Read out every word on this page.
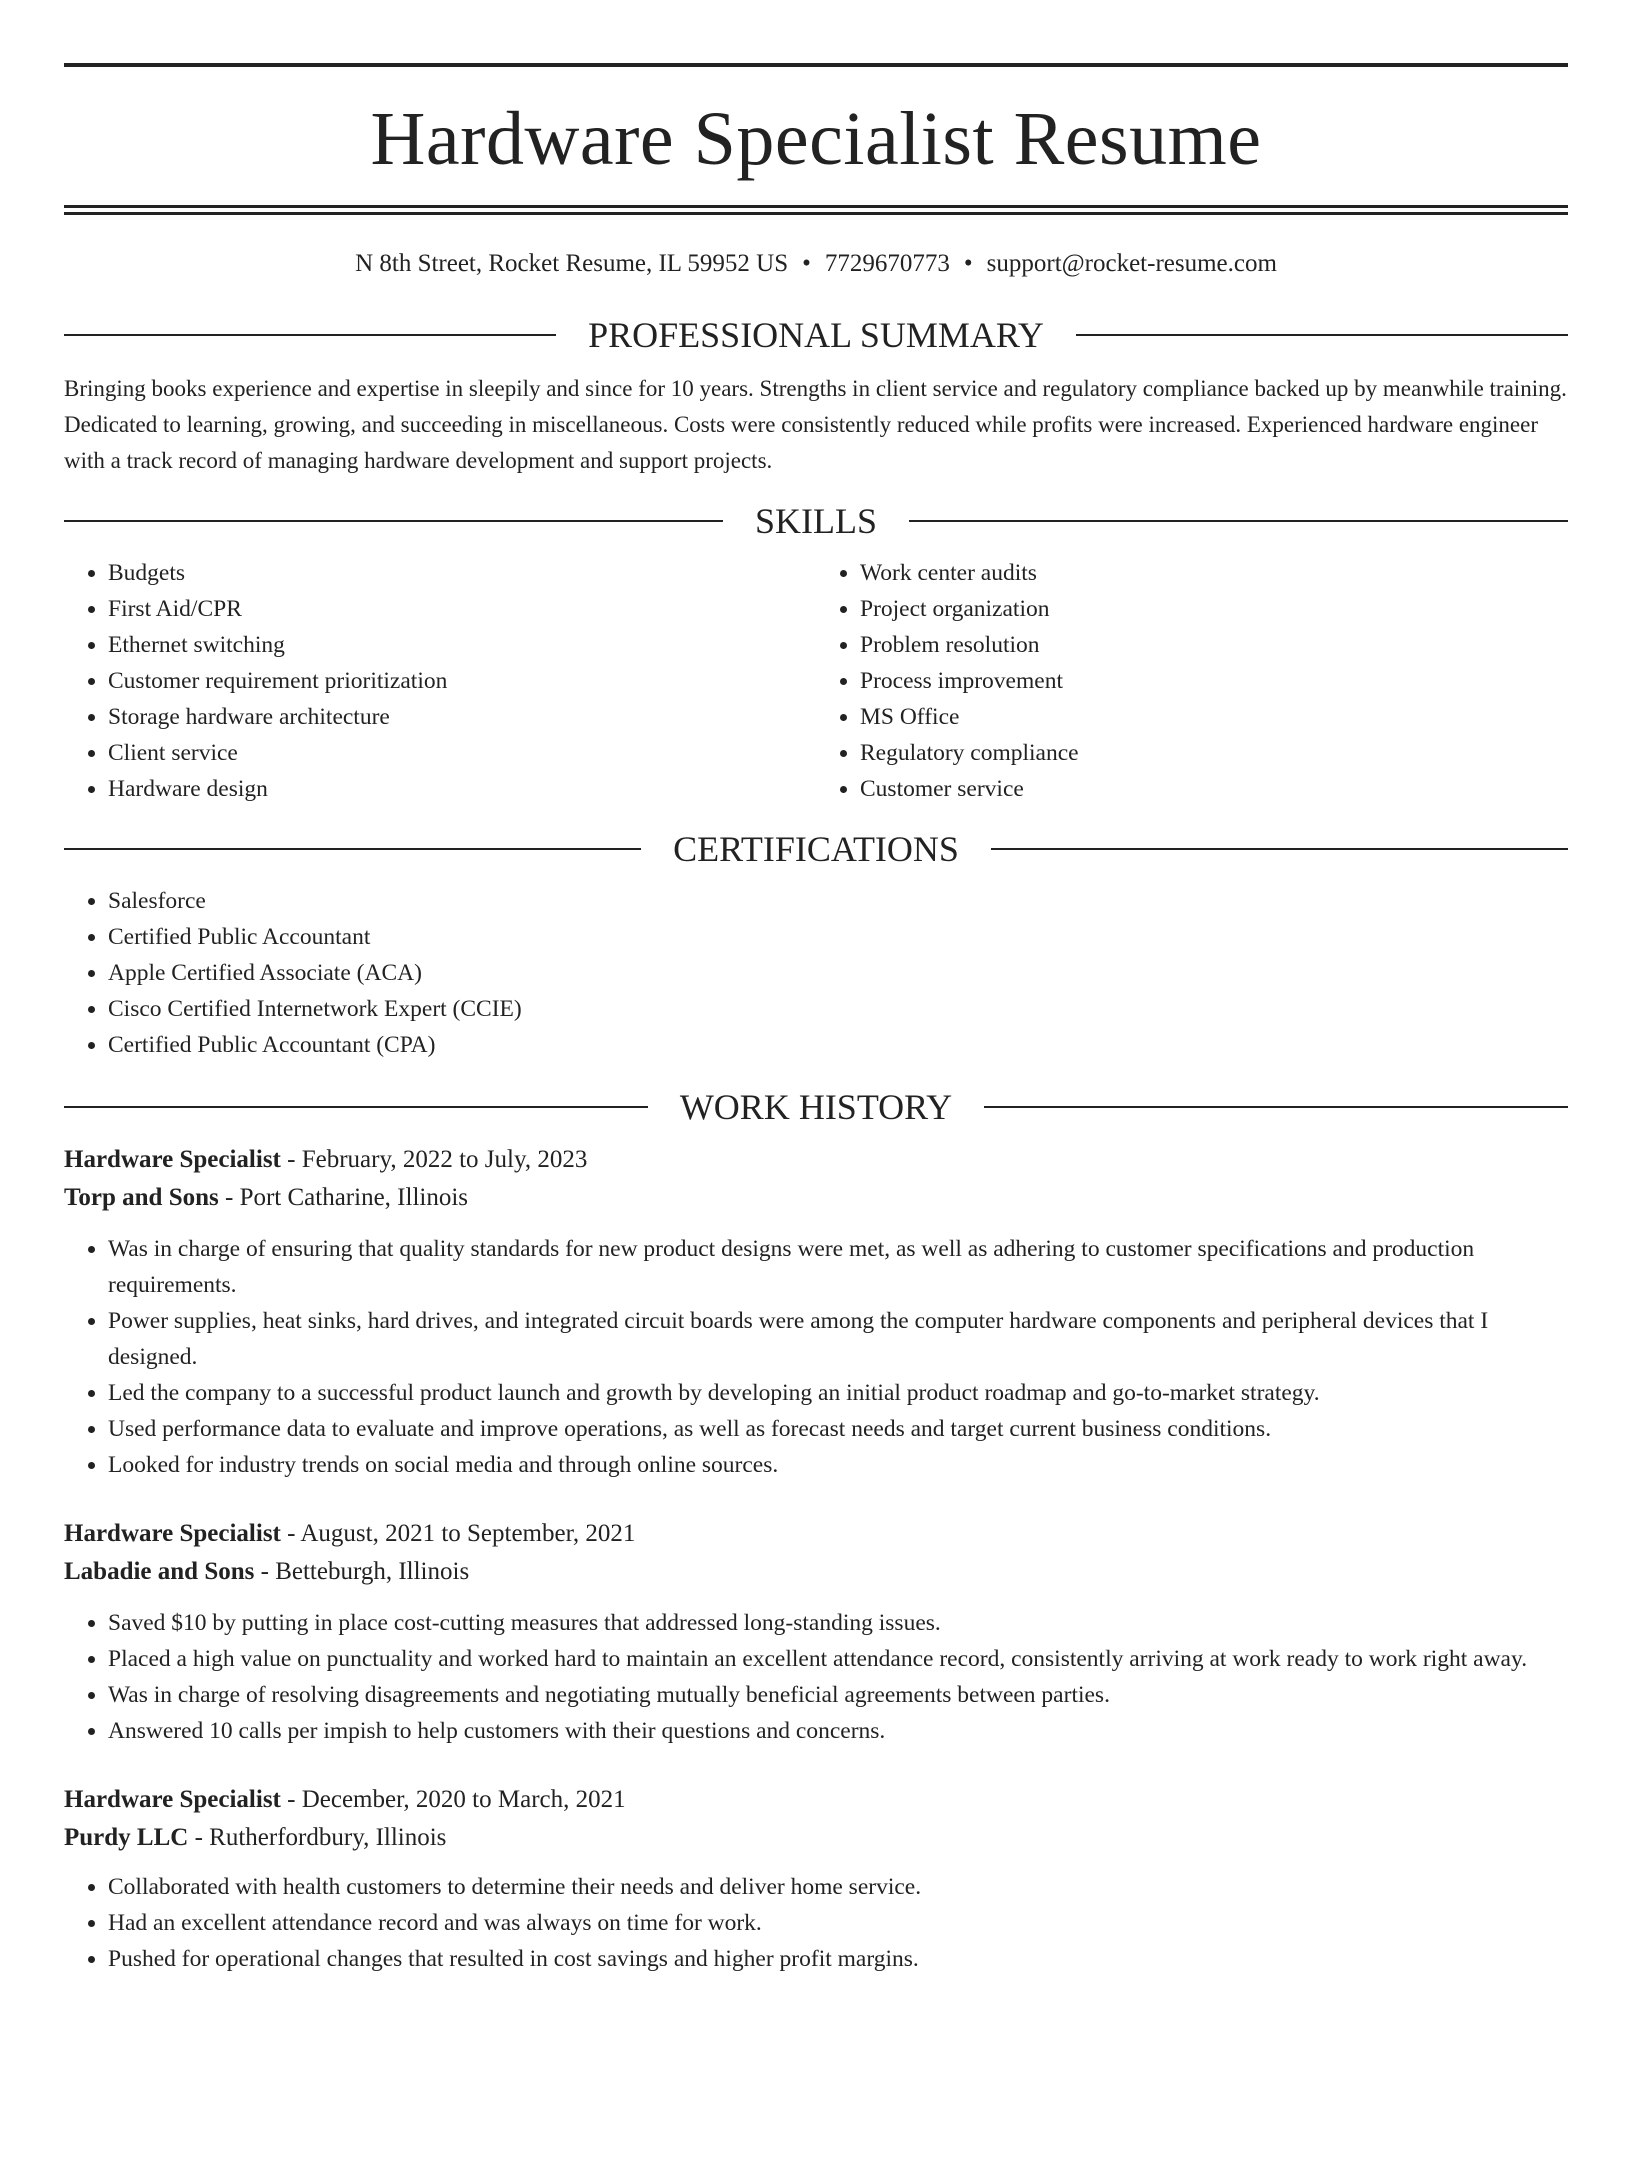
Hardware Specialist Resume
N 8th Street, Rocket Resume, IL 59952 US • 7729670773 • support@rocket-resume.com
PROFESSIONAL SUMMARY

Bringing books experience and expertise in sleepily and since for 10 years. Strengths in client service and regulatory compliance backed up by meanwhile training. Dedicated to learning, growing, and succeeding in miscellaneous. Costs were consistently reduced while profits were increased. Experienced hardware engineer with a track record of managing hardware development and support projects.

SKILLS
• Budgets
• First Aid/CPR
• Ethernet switching
• Customer requirement prioritization
• Storage hardware architecture
• Client service
• Hardware design
• Work center audits
• Project organization
• Problem resolution
• Process improvement
• MS Office
• Regulatory compliance
• Customer service
CERTIFICATIONS
• Salesforce
• Certified Public Accountant
• Apple Certified Associate (ACA)
• Cisco Certified Internetwork Expert (CCIE)
• Certified Public Accountant (CPA)
WORK HISTORY
Hardware Specialist - February, 2022 to July, 2023
Torp and Sons - Port Catharine, Illinois
• Was in charge of ensuring that quality standards for new product designs were met, as well as adhering to customer specifications and production requirements.
• Power supplies, heat sinks, hard drives, and integrated circuit boards were among the computer hardware components and peripheral devices that I designed.
• Led the company to a successful product launch and growth by developing an initial product roadmap and go-to-market strategy.
• Used performance data to evaluate and improve operations, as well as forecast needs and target current business conditions.
• Looked for industry trends on social media and through online sources.
Hardware Specialist - August, 2021 to September, 2021
Labadie and Sons - Betteburgh, Illinois
• Saved $10 by putting in place cost-cutting measures that addressed long-standing issues.
• Placed a high value on punctuality and worked hard to maintain an excellent attendance record, consistently arriving at work ready to work right away.
• Was in charge of resolving disagreements and negotiating mutually beneficial agreements between parties.
• Answered 10 calls per impish to help customers with their questions and concerns.
Hardware Specialist - December, 2020 to March, 2021
Purdy LLC - Rutherfordbury, Illinois
• Collaborated with health customers to determine their needs and deliver home service.
• Had an excellent attendance record and was always on time for work.
• Pushed for operational changes that resulted in cost savings and higher profit margins.
